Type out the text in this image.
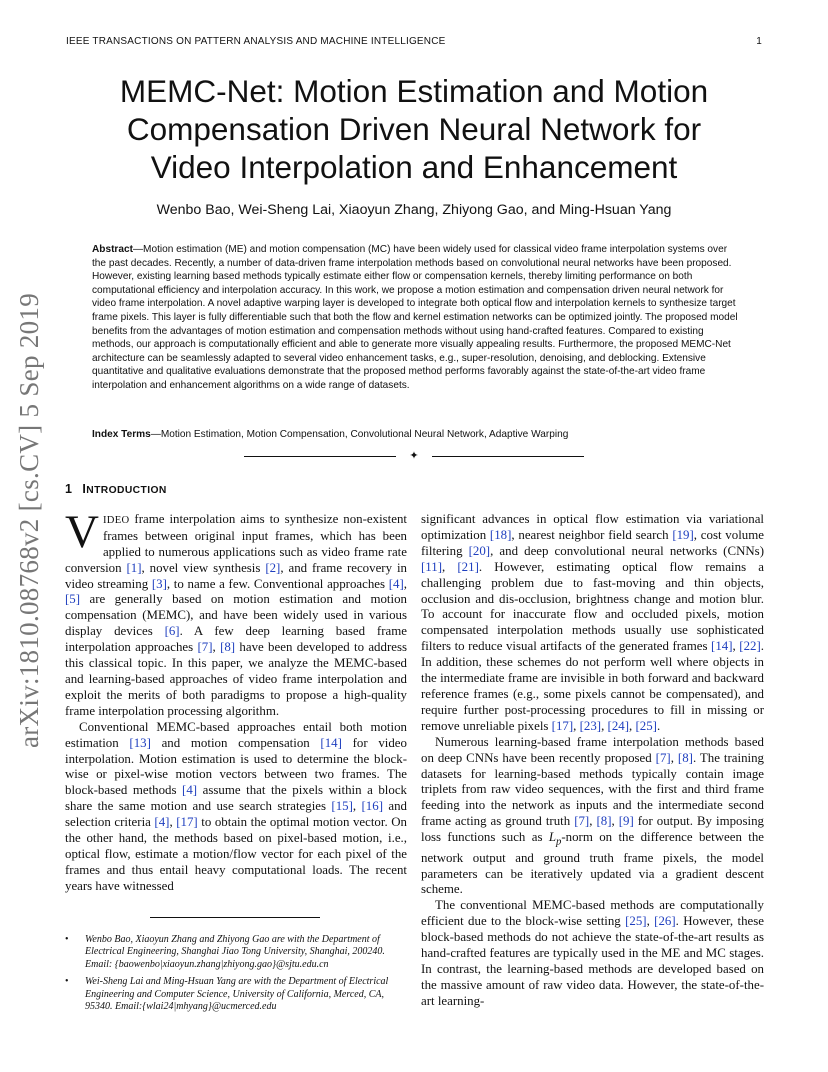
IEEE TRANSACTIONS ON PATTERN ANALYSIS AND MACHINE INTELLIGENCE	1
arXiv:1810.08768v2 [cs.CV] 5 Sep 2019
MEMC-Net: Motion Estimation and Motion
Compensation Driven Neural Network for
Video Interpolation and Enhancement
Wenbo Bao, Wei-Sheng Lai, Xiaoyun Zhang, Zhiyong Gao, and Ming-Hsuan Yang

Abstract—Motion estimation (ME) and motion compensation (MC) have been widely used for classical video frame interpolation systems over the past decades. Recently, a number of data-driven frame interpolation methods based on convolutional neural networks have been proposed. However, existing learning based methods typically estimate either flow or compensation kernels, thereby limiting performance on both computational efficiency and interpolation accuracy. In this work, we propose a motion estimation and compensation driven neural network for video frame interpolation. A novel adaptive warping layer is developed to integrate both optical flow and interpolation kernels to synthesize target frame pixels. This layer is fully differentiable such that both the flow and kernel estimation networks can be optimized jointly. The proposed model benefits from the advantages of motion estimation and compensation methods without using hand-crafted features. Compared to existing methods, our approach is computationally efficient and able to generate more visually appealing results. Furthermore, the proposed MEMC-Net architecture can be seamlessly adapted to several video enhancement tasks, e.g., super-resolution, denoising, and deblocking. Extensive quantitative and qualitative evaluations demonstrate that the proposed method performs favorably against the state-of-the-art video frame interpolation and enhancement algorithms on a wide range of datasets.

Index Terms—Motion Estimation, Motion Compensation, Convolutional Neural Network, Adaptive Warping

✦
1 INTRODUCTION

VIDEO frame interpolation aims to synthesize non-existent frames between original input frames, which has been applied to numerous applications such as video frame rate conversion [1], novel view synthesis [2], and frame recovery in video streaming [3], to name a few. Conventional approaches [4], [5] are generally based on motion estimation and motion compensation (MEMC), and have been widely used in various display devices [6]. A few deep learning based frame interpolation approaches [7], [8] have been developed to address this classical topic. In this paper, we analyze the MEMC-based and learning-based approaches of video frame interpolation and exploit the merits of both paradigms to propose a high-quality frame interpolation processing algorithm.

Conventional MEMC-based approaches entail both motion estimation [13] and motion compensation [14] for video interpolation. Motion estimation is used to determine the block-wise or pixel-wise motion vectors between two frames. The block-based methods [4] assume that the pixels within a block share the same motion and use search strategies [15], [16] and selection criteria [4], [17] to obtain the optimal motion vector. On the other hand, the methods based on pixel-based motion, i.e., optical flow, estimate a motion/flow vector for each pixel of the frames and thus entail heavy computational loads. The recent years have witnessed

•
Wenbo Bao, Xiaoyun Zhang and Zhiyong Gao are with the Department of Electrical Engineering, Shanghai Jiao Tong University, Shanghai, 200240. Email: {baowenbo|xiaoyun.zhang|zhiyong.gao}@sjtu.edu.cn
•
Wei-Sheng Lai and Ming-Hsuan Yang are with the Department of Electrical Engineering and Computer Science, University of California, Merced, CA, 95340. Email:{wlai24|mhyang}@ucmerced.edu

significant advances in optical flow estimation via variational optimization [18], nearest neighbor field search [19], cost volume filtering [20], and deep convolutional neural networks (CNNs) [11], [21]. However, estimating optical flow remains a challenging problem due to fast-moving and thin objects, occlusion and dis-occlusion, brightness change and motion blur. To account for inaccurate flow and occluded pixels, motion compensated interpolation methods usually use sophisticated filters to reduce visual artifacts of the generated frames [14], [22]. In addition, these schemes do not perform well where objects in the intermediate frame are invisible in both forward and backward reference frames (e.g., some pixels cannot be compensated), and require further post-processing procedures to fill in missing or remove unreliable pixels [17], [23], [24], [25].

Numerous learning-based frame interpolation methods based on deep CNNs have been recently proposed [7], [8]. The training datasets for learning-based methods typically contain image triplets from raw video sequences, with the first and third frame feeding into the network as inputs and the intermediate second frame acting as ground truth [7], [8], [9] for output. By imposing loss functions such as $L_p$-norm on the difference between the network output and ground truth frame pixels, the model parameters can be iteratively updated via a gradient descent scheme.

The conventional MEMC-based methods are computationally efficient due to the block-wise setting [25], [26]. However, these block-based methods do not achieve the state-of-the-art results as hand-crafted features are typically used in the ME and MC stages. In contrast, the learning-based methods are developed based on the massive amount of raw video data. However, the state-of-the-art learning-
